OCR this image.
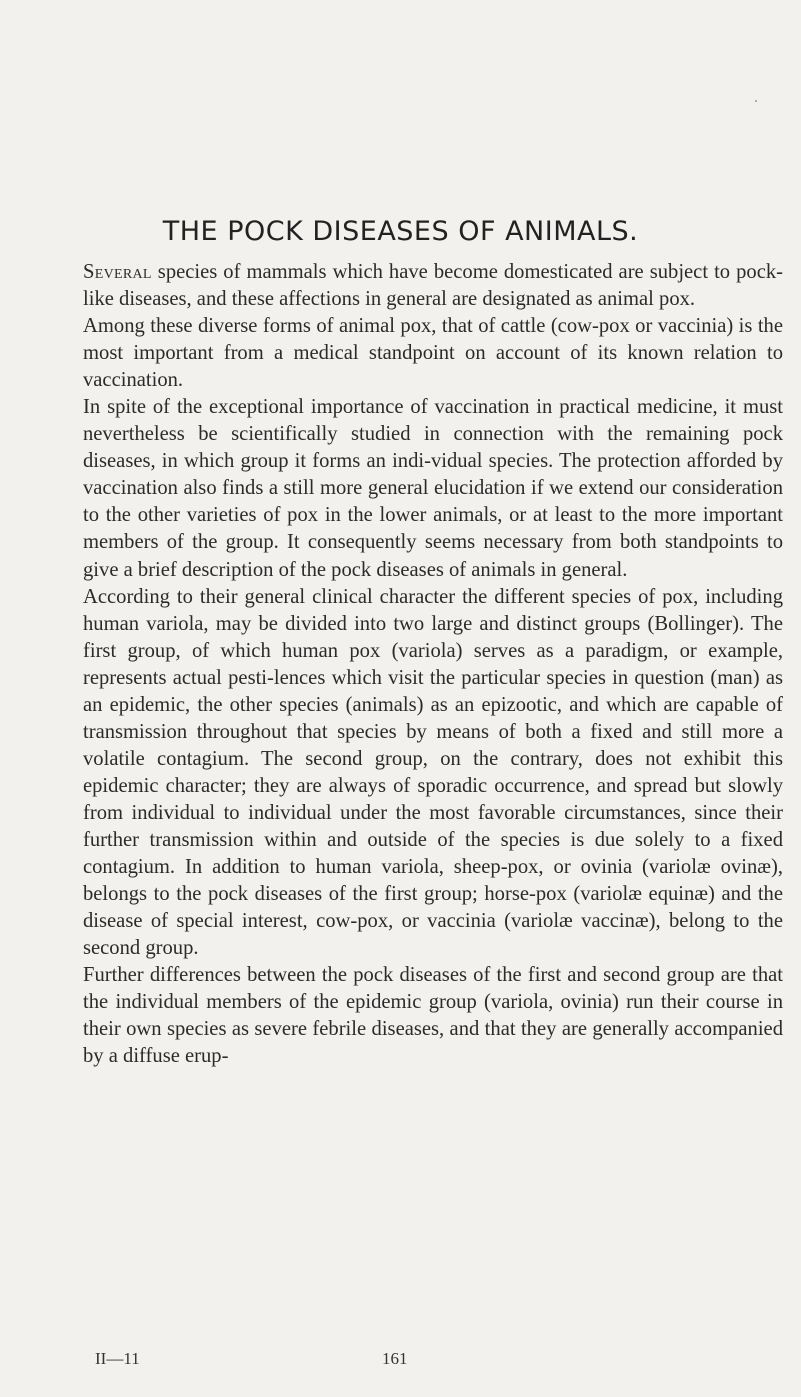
THE POCK DISEASES OF ANIMALS.

Several species of mammals which have become domesticated are subject to pock-like diseases, and these affections in general are designated as animal pox.

Among these diverse forms of animal pox, that of cattle (cow-pox or vaccinia) is the most important from a medical standpoint on account of its known relation to vaccination.

In spite of the exceptional importance of vaccination in practical medicine, it must nevertheless be scientifically studied in connection with the remaining pock diseases, in which group it forms an indi-vidual species. The protection afforded by vaccination also finds a still more general elucidation if we extend our consideration to the other varieties of pox in the lower animals, or at least to the more important members of the group. It consequently seems necessary from both standpoints to give a brief description of the pock diseases of animals in general.

According to their general clinical character the different species of pox, including human variola, may be divided into two large and distinct groups (Bollinger). The first group, of which human pox (variola) serves as a paradigm, or example, represents actual pesti-lences which visit the particular species in question (man) as an epidemic, the other species (animals) as an epizootic, and which are capable of transmission throughout that species by means of both a fixed and still more a volatile contagium. The second group, on the contrary, does not exhibit this epidemic character; they are always of sporadic occurrence, and spread but slowly from individual to individual under the most favorable circumstances, since their further transmission within and outside of the species is due solely to a fixed contagium. In addition to human variola, sheep-pox, or ovinia (variolæ ovinæ), belongs to the pock diseases of the first group; horse-pox (variolæ equinæ) and the disease of special interest, cow-pox, or vaccinia (variolæ vaccinæ), belong to the second group.

Further differences between the pock diseases of the first and second group are that the individual members of the epidemic group (variola, ovinia) run their course in their own species as severe febrile diseases, and that they are generally accompanied by a diffuse erup-

II—11	161
